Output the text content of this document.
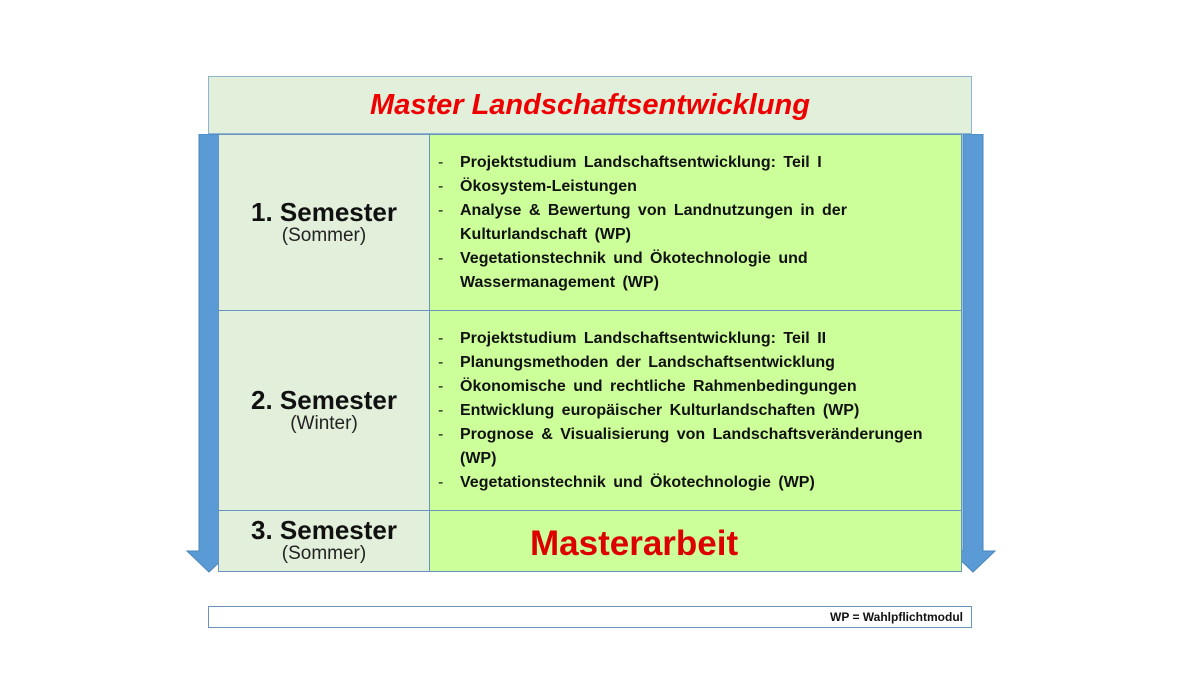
Master Landschaftsentwicklung
1. Semester
(Sommer)
- Projektstudium Landschaftsentwicklung: Teil I
- Ökosystem-Leistungen
- Analyse & Bewertung von Landnutzungen in der Kulturlandschaft (WP)
- Vegetationstechnik und Ökotechnologie und Wassermanagement (WP)
2. Semester
(Winter)
- Projektstudium Landschaftsentwicklung: Teil II
- Planungsmethoden der Landschaftsentwicklung
- Ökonomische und rechtliche Rahmenbedingungen
- Entwicklung europäischer Kulturlandschaften (WP)
- Prognose & Visualisierung von Landschaftsveränderungen (WP)
- Vegetationstechnik und Ökotechnologie (WP)
3. Semester
(Sommer)	Masterarbeit
WP = Wahlpflichtmodul
